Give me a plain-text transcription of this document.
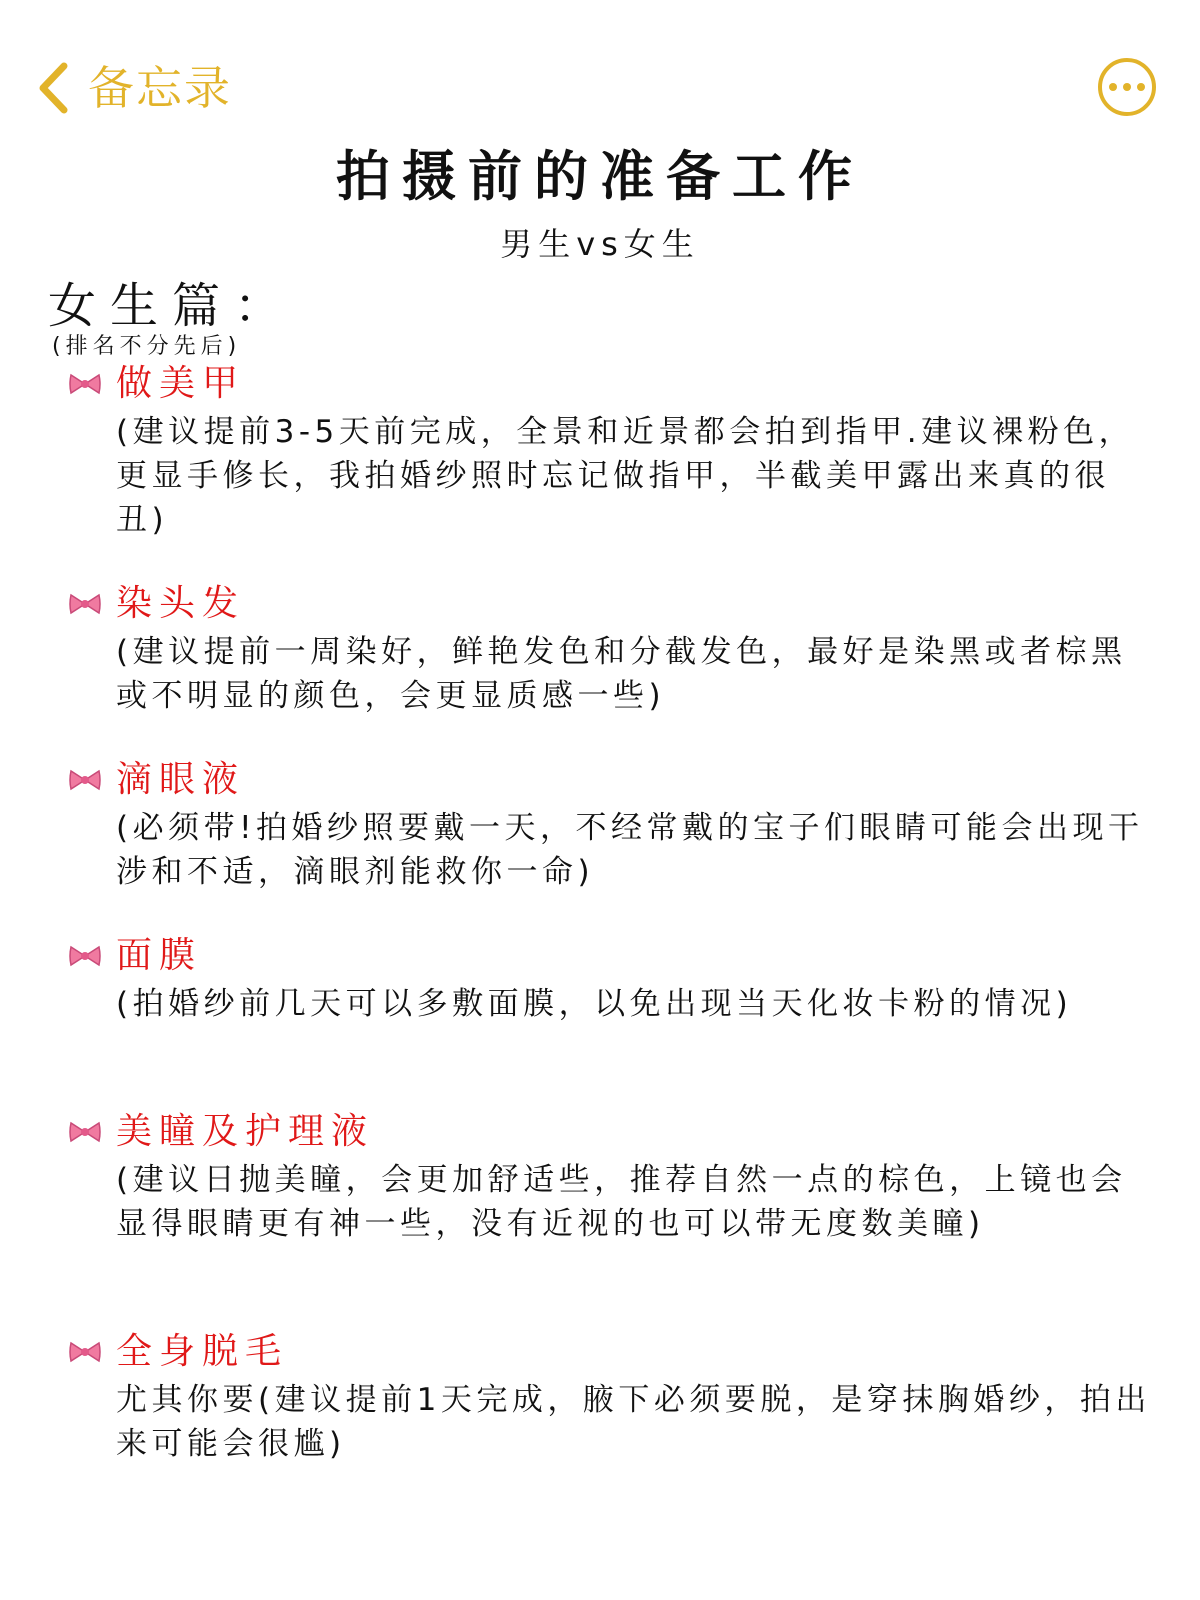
备忘录
拍摄前的准备工作
男生vs女生
女生篇：
(排名不分先后)
做美甲
(建议提前3-5天前完成，全景和近景都会拍到指甲.建议裸粉色，更显手修长，我拍婚纱照时忘记做指甲，半截美甲露出来真的很丑)
染头发
(建议提前一周染好，鲜艳发色和分截发色，最好是染黑或者棕黑或不明显的颜色，会更显质感一些)
滴眼液
(必须带!拍婚纱照要戴一天，不经常戴的宝子们眼睛可能会出现干涉和不适，滴眼剂能救你一命)
面膜
(拍婚纱前几天可以多敷面膜，以免出现当天化妆卡粉的情况)
美瞳及护理液
(建议日抛美瞳，会更加舒适些，推荐自然一点的棕色，上镜也会显得眼睛更有神一些，没有近视的也可以带无度数美瞳)
全身脱毛
尤其你要(建议提前1天完成，腋下必须要脱，是穿抹胸婚纱，拍出来可能会很尴)
